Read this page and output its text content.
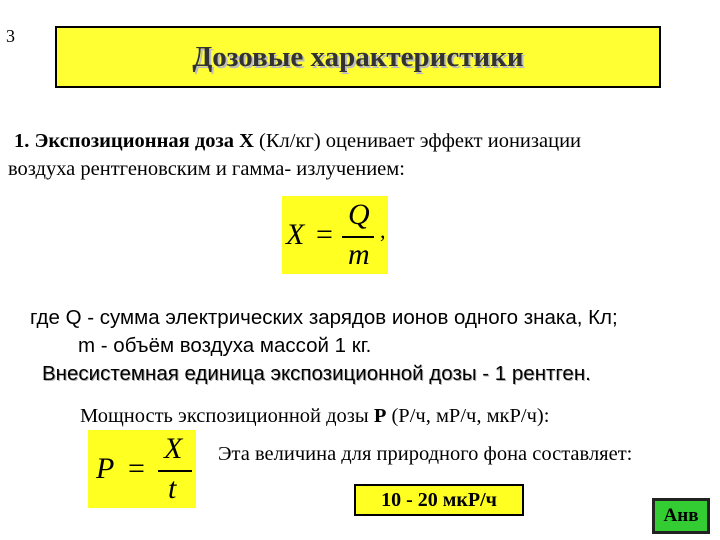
3
Дозовые характеристики
1. Экспозиционная доза Х (Кл/кг) оценивает эффект ионизации
воздуха рентгеновским и гамма- излучением:
X =
Q
m
,
где Q - сумма электрических зарядов ионов одного знака, Кл;
m - объём воздуха массой 1 кг.
Внесистемная единица экспозиционной дозы - 1 рентген.
Мощность экспозиционной дозы Р (Р/ч, мР/ч, мкР/ч):
P =
X
t
Эта величина для природного фона составляет:
10 - 20 мкР/ч
Анв
